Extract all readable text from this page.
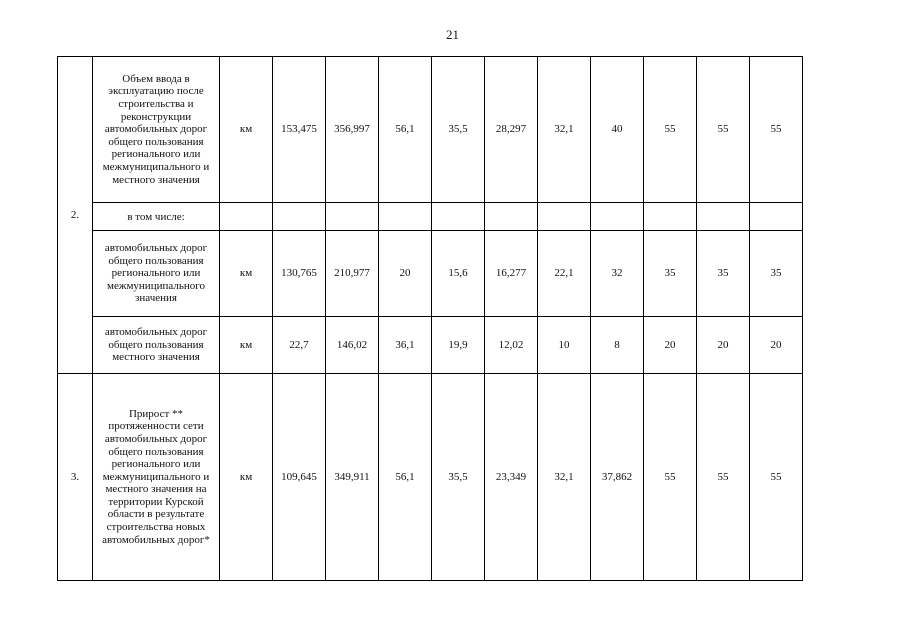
21
2.	Объем ввода в эксплуатацию после строительства и реконструкции автомобильных дорог общего пользования регионального или межмуниципального и местного значения	км	153,475	356,997	56,1	35,5	28,297	32,1	40	55	55	55
	в том числе:											
	автомобильных дорог общего пользования регионального или межмуниципального значения	км	130,765	210,977	20	15,6	16,277	22,1	32	35	35	35
	автомобильных дорог общего пользования местного значения	км	22,7	146,02	36,1	19,9	12,02	10	8	20	20	20
3.	Прирост ** протяженности сети автомобильных дорог общего пользования регионального или межмуниципального и местного значения на территории Курской области в результате строительства новых автомобильных дорог*	км	109,645	349,911	56,1	35,5	23,349	32,1	37,862	55	55	55
